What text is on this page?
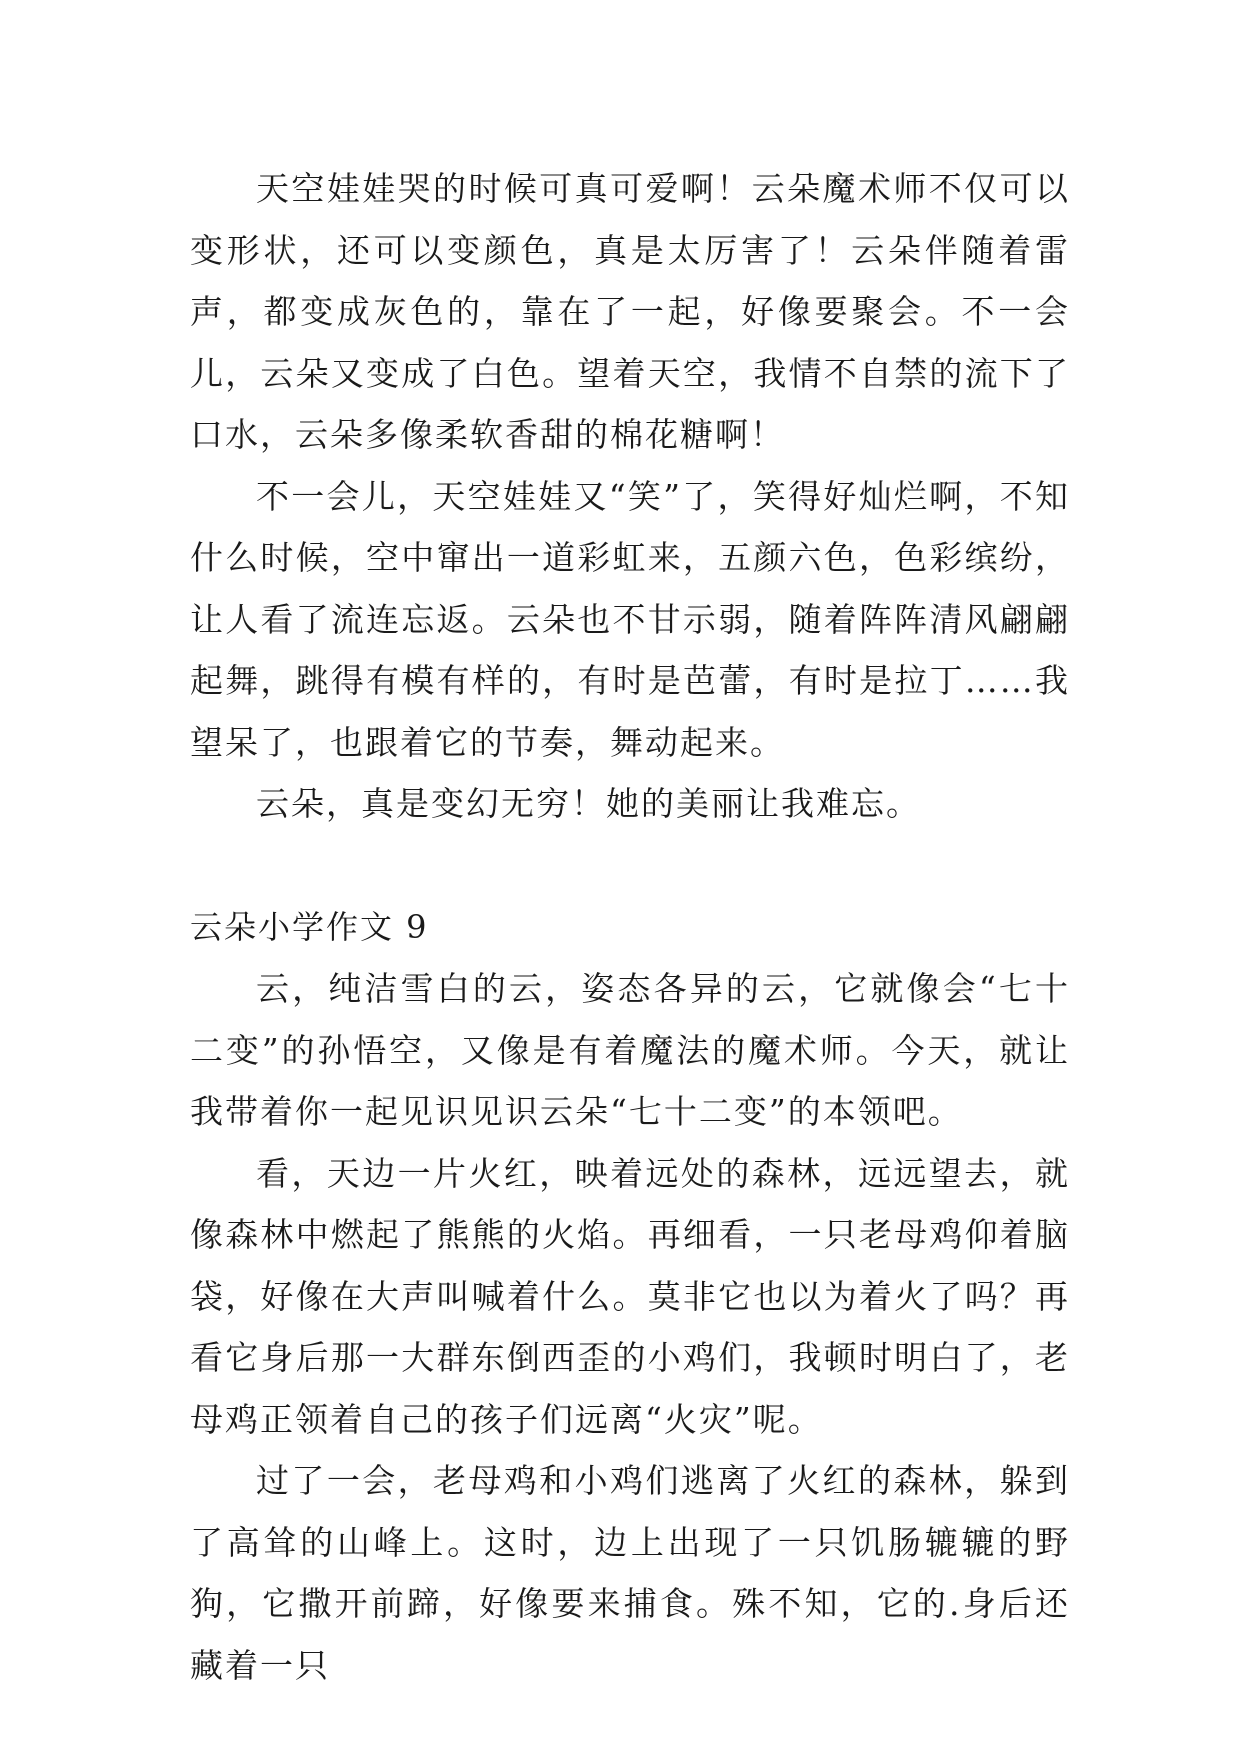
天空娃娃哭的时候可真可爱啊！云朵魔术师不仅可以变形状，还可以变颜色，真是太厉害了！云朵伴随着雷声，都变成灰色的，靠在了一起，好像要聚会。不一会儿，云朵又变成了白色。望着天空，我情不自禁的流下了口水，云朵多像柔软香甜的棉花糖啊！

不一会儿，天空娃娃又“笑”了，笑得好灿烂啊，不知什么时候，空中窜出一道彩虹来，五颜六色，色彩缤纷，让人看了流连忘返。云朵也不甘示弱，随着阵阵清风翩翩起舞，跳得有模有样的，有时是芭蕾，有时是拉丁……我望呆了，也跟着它的节奏，舞动起来。

云朵，真是变幻无穷！她的美丽让我难忘。

云朵小学作文 9

云，纯洁雪白的云，姿态各异的云，它就像会“七十二变”的孙悟空，又像是有着魔法的魔术师。今天，就让我带着你一起见识见识云朵“七十二变”的本领吧。

看，天边一片火红，映着远处的森林，远远望去，就像森林中燃起了熊熊的火焰。再细看，一只老母鸡仰着脑袋，好像在大声叫喊着什么。莫非它也以为着火了吗？再看它身后那一大群东倒西歪的小鸡们，我顿时明白了，老母鸡正领着自己的孩子们远离“火灾”呢。

过了一会，老母鸡和小鸡们逃离了火红的森林，躲到了高耸的山峰上。这时，边上出现了一只饥肠辘辘的野狗，它撒开前蹄，好像要来捕食。殊不知，它的.身后还藏着一只
